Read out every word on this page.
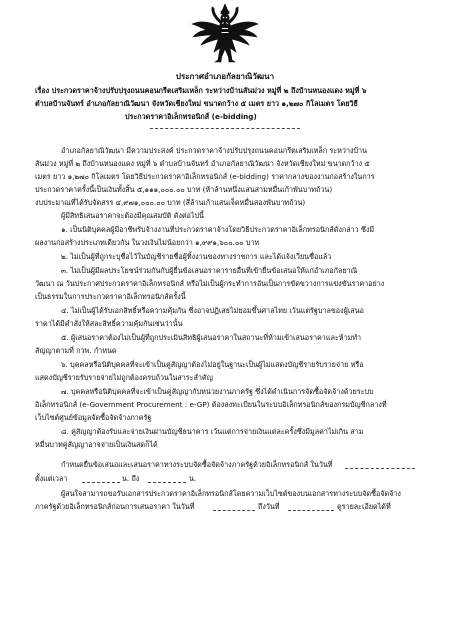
ประกาศอำเภอกัลยาณิวัฒนา
เรื่อง ประกวดราคาจ้างปรับปรุงถนนคอนกรีตเสริมเหล็ก ระหว่างบ้านสันม่วง หมู่ที่ ๒ ถึงบ้านหนองแดง หมู่ที่ ๖
ตำบลบ้านจันทร์ อำเภอกัลยาณิวัฒนา จังหวัดเชียงใหม่ ขนาดกว้าง ๕ เมตร ยาว ๑,๒๗๐ กิโลเมตร โดยวิธี
ประกวดราคาอิเล็กทรอนิกส์ (e-bidding)
อำเภอกัลยาณิวัฒนา มีความประสงค์ ประกวดราคาจ้างปรับปรุงถนนคอนกรีตเสริมเหล็ก ระหว่างบ้าน
สันม่วง หมู่ที่ ๒ ถึงบ้านหนองแดง หมู่ที่ ๖ ตำบลบ้านจันทร์ อำเภอกัลยาณิวัฒนา จังหวัดเชียงใหม่ ขนาดกว้าง ๕
เมตร ยาว ๑,๒๗๐ กิโลเมตร โดยวิธีประกวดราคาอิเล็กทรอนิกส์ (e-bidding) ราคากลางของงานก่อสร้างในการ
ประกวดราคาครั้งนี้เป็นเงินทั้งสิ้น ๕,๑๑๑,๐๐๐.๐๐ บาท (ห้าล้านหนึ่งแสนสามหมื่นเก้าพันบาทถ้วน)
งบประมาณที่ได้รับจัดสรร ๔,๙๗๑,๐๐๐.๐๐ บาท (สี่ล้านเก้าแสนเจ็ดหมื่นสองพันบาทถ้วน)
ผู้มีสิทธิเสนอราคาจะต้องมีคุณสมบัติ ดังต่อไปนี้
๑. เป็นนิติบุคคลผู้มีอาชีพรับจ้างงานที่ประกวดราคาจ้างโดยวิธีประกวดราคาอิเล็กทรอนิกส์ดังกล่าว ซึ่งมี
ผลงานก่อสร้างประเภทเดียวกัน ในวงเงินไม่น้อยกว่า ๑,๙๙๑,๖๐๐.๐๐ บาท
๒. ไม่เป็นผู้ที่ถูกระบุชื่อไว้ในบัญชีรายชื่อผู้ทิ้งงานของทางราชการ และได้แจ้งเวียนชื่อแล้ว
๓. ไม่เป็นผู้มีผลประโยชน์ร่วมกันกับผู้ยื่นข้อเสนอราคารายอื่นที่เข้ายื่นข้อเสนอให้แก่อำเภอกัลยาณิ
วัฒนา ณ วันประกาศประกวดราคาอิเล็กทรอนิกส์ หรือไม่เป็นผู้กระทำการอันเป็นการขัดขวางการแข่งขันราคาอย่าง
เป็นธรรมในการประกวดราคาอิเล็กทรอนิกส์ครั้งนี้
๔. ไม่เป็นผู้ได้รับเอกสิทธิ์หรือความคุ้มกัน ซึ่งอาจปฏิเสธไม่ยอมขึ้นศาลไทย เว้นแต่รัฐบาลของผู้เสนอ
ราคาได้มีคำสั่งให้สละสิทธิ์ความคุ้มกันเช่นว่านั้น
๕. ผู้เสนอราคาต้องไม่เป็นผู้ที่ถูกประเมินสิทธิผู้เสนอราคาในสถานะที่ห้ามเข้าเสนอราคาและห้ามทำ
สัญญาตามที่ กวพ. กำหนด
๖. บุคคลหรือนิติบุคคลที่จะเข้าเป็นคู่สัญญาต้องไม่อยู่ในฐานะเป็นผู้ไม่แสดงบัญชีรายรับรายจ่าย หรือ
แสดงบัญชีรายรับรายจ่ายไม่ถูกต้องครบถ้วนในสาระสำคัญ
๗. บุคคลหรือนิติบุคคลที่จะเข้าเป็นคู่สัญญากับหน่วยงานภาครัฐ ซึ่งได้ดำเนินการจัดซื้อจัดจ้างด้วยระบบ
อิเล็กทรอนิกส์ (e-Government Procurement : e-GP) ต้องลงทะเบียนในระบบอิเล็กทรอนิกส์ของกรมบัญชีกลางที่
เว็บไซต์ศูนย์ข้อมูลจัดซื้อจัดจ้างภาครัฐ
๘. คู่สัญญาต้องรับและจ่ายเงินผ่านบัญชีธนาคาร เว้นแต่การจ่ายเงินแต่ละครั้งซึ่งมีมูลค่าไม่เกิน สาม
หมื่นบาทคู่สัญญาอาจจ่ายเป็นเงินสดก็ได้
กำหนดยื่นข้อเสนอและเสนอราคาทางระบบจัดซื้อจัดจ้างภาครัฐด้วยอิเล็กทรอนิกส์ ในวันที่
ตั้งแต่เวลา	น. ถึง	น.
ผู้สนใจสามารถขอรับเอกสารประกวดราคาอิเล็กทรอนิกส์โดยความเว็บไซต์ของบนเอกสารทางระบบจัดซื้อจัดจ้าง
ภาครัฐด้วยอิเล็กทรอนิกส์ก่อนการเสนอราคา ในวันที่	ถึงวันที่	ดูรายละเอียดได้ที่
